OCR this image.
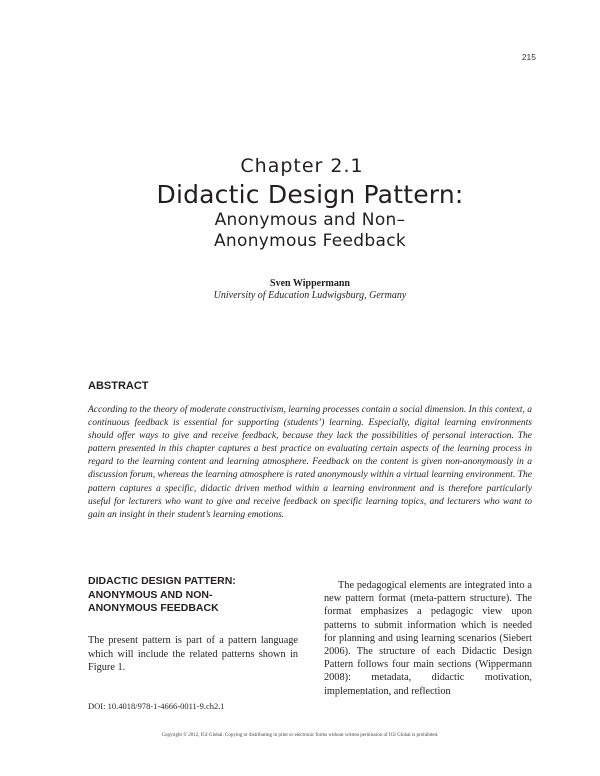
215
Chapter 2.1
Didactic Design Pattern:
Anonymous and Non–
Anonymous Feedback
Sven Wippermann
University of Education Ludwigsburg, Germany
ABSTRACT
According to the theory of moderate constructivism, learning processes contain a social dimension. In this context, a continuous feedback is essential for supporting (students’) learning. Especially, digital learning environments should offer ways to give and receive feedback, because they lack the possibilities of personal interaction. The pattern presented in this chapter captures a best practice on evaluating certain aspects of the learning process in regard to the learning content and learning atmosphere. Feedback on the content is given non-anonymously in a discussion forum, whereas the learning atmosphere is rated anonymously within a virtual learning environment. The pattern captures a specific, didactic driven method within a learning environment and is therefore particularly useful for lecturers who want to give and receive feedback on specific learning topics, and lecturers who want to gain an insight in their student’s learning emotions.
DIDACTIC DESIGN PATTERN:
ANONYMOUS AND NON-
ANONYMOUS FEEDBACK
The present pattern is part of a pattern language which will include the related patterns shown in Figure 1.

The pedagogical elements are integrated into a new pattern format (meta-pattern structure). The format emphasizes a pedagogic view upon patterns to submit information which is needed for planning and using learning scenarios (Siebert 2006). The structure of each Didactic Design Pattern follows four main sections (Wippermann 2008): metadata, didactic motivation, implementation, and reflection

DOI: 10.4018/978-1-4666-0011-9.ch2.1
Copyright © 2012, IGI Global. Copying or distributing in print or electronic forms without written permission of IGI Global is prohibited.
